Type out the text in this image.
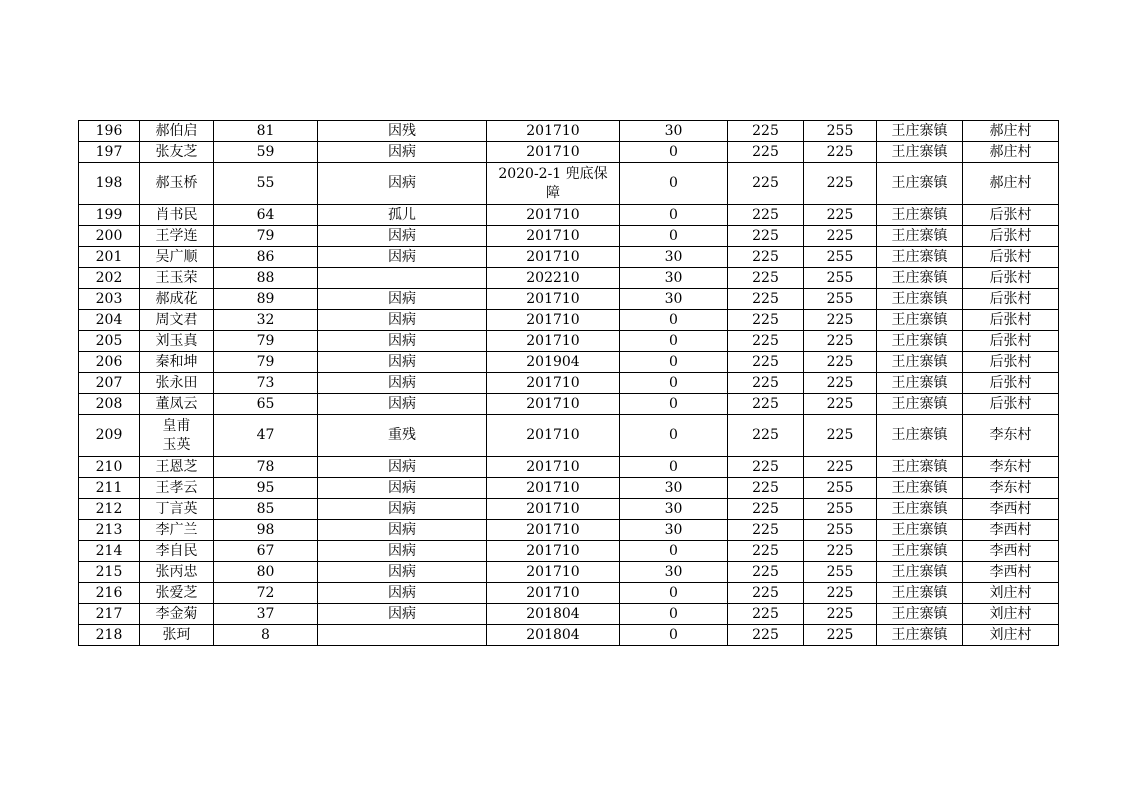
196	郝伯启	81	因残	201710	30	225	255	王庄寨镇	郝庄村
197	张友芝	59	因病	201710	0	225	225	王庄寨镇	郝庄村
198	郝玉桥	55	因病	2020-2-1 兜底保障	0	225	225	王庄寨镇	郝庄村
199	肖书民	64	孤儿	201710	0	225	225	王庄寨镇	后张村
200	王学连	79	因病	201710	0	225	225	王庄寨镇	后张村
201	吴广顺	86	因病	201710	30	225	255	王庄寨镇	后张村
202	王玉荣	88		202210	30	225	255	王庄寨镇	后张村
203	郝成花	89	因病	201710	30	225	255	王庄寨镇	后张村
204	周文君	32	因病	201710	0	225	225	王庄寨镇	后张村
205	刘玉真	79	因病	201710	0	225	225	王庄寨镇	后张村
206	秦和坤	79	因病	201904	0	225	225	王庄寨镇	后张村
207	张永田	73	因病	201710	0	225	225	王庄寨镇	后张村
208	董凤云	65	因病	201710	0	225	225	王庄寨镇	后张村
209	皇甫玉英	47	重残	201710	0	225	225	王庄寨镇	李东村
210	王恩芝	78	因病	201710	0	225	225	王庄寨镇	李东村
211	王孝云	95	因病	201710	30	225	255	王庄寨镇	李东村
212	丁言英	85	因病	201710	30	225	255	王庄寨镇	李西村
213	李广兰	98	因病	201710	30	225	255	王庄寨镇	李西村
214	李自民	67	因病	201710	0	225	225	王庄寨镇	李西村
215	张丙忠	80	因病	201710	30	225	255	王庄寨镇	李西村
216	张爱芝	72	因病	201710	0	225	225	王庄寨镇	刘庄村
217	李金菊	37	因病	201804	0	225	225	王庄寨镇	刘庄村
218	张珂	8		201804	0	225	225	王庄寨镇	刘庄村
